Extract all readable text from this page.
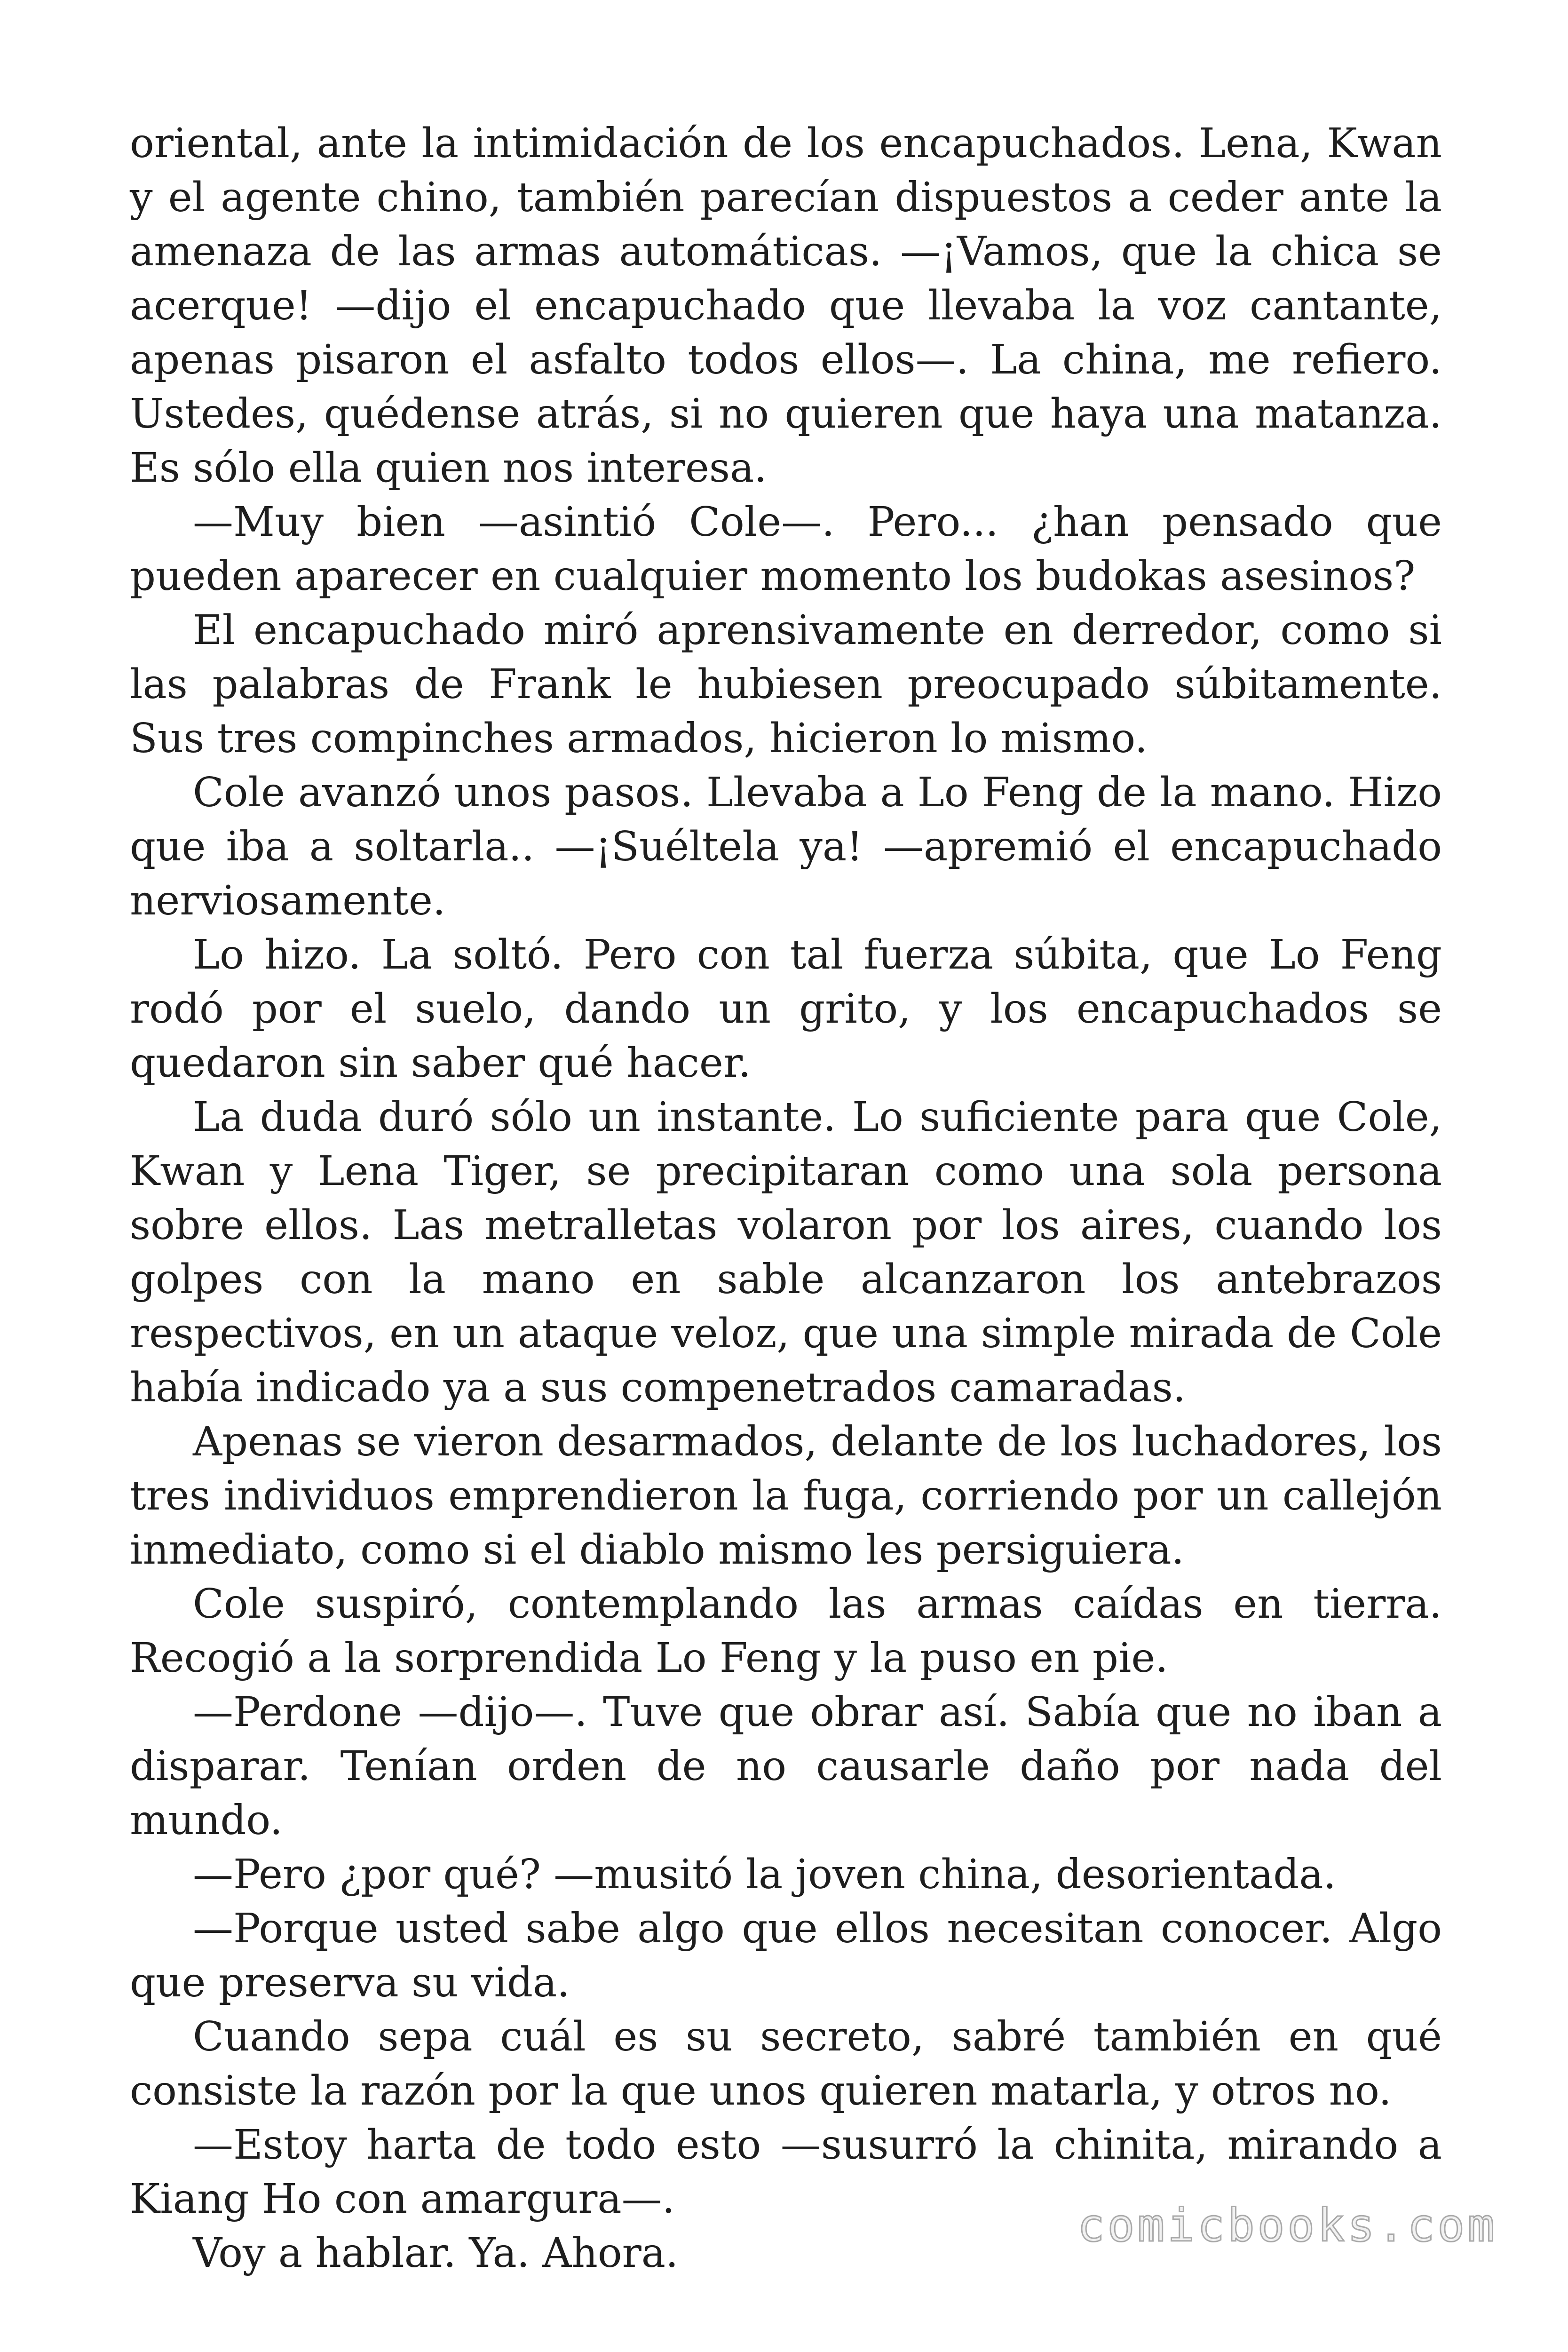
oriental, ante la intimidación de los encapuchados. Lena, Kwan y el agente chino, también parecían dispuestos a ceder ante la amenaza de las armas automáticas. —¡Vamos, que la chica se acerque! —dijo el encapuchado que llevaba la voz cantante, apenas pisaron el asfalto todos ellos—. La china, me refiero. Ustedes, quédense atrás, si no quieren que haya una matanza. Es sólo ella quien nos interesa.

—Muy bien —asintió Cole—. Pero... ¿han pensado que pueden aparecer en cualquier momento los budokas asesinos?

El encapuchado miró aprensivamente en derredor, como si las palabras de Frank le hubiesen preocupado súbitamente. Sus tres compinches armados, hicieron lo mismo.

Cole avanzó unos pasos. Llevaba a Lo Feng de la mano. Hizo que iba a soltarla.. —¡Suéltela ya! —apremió el encapuchado nerviosamente.

Lo hizo. La soltó. Pero con tal fuerza súbita, que Lo Feng rodó por el suelo, dando un grito, y los encapuchados se quedaron sin saber qué hacer.

La duda duró sólo un instante. Lo suficiente para que Cole, Kwan y Lena Tiger, se precipitaran como una sola persona sobre ellos. Las metralletas volaron por los aires, cuando los golpes con la mano en sable alcanzaron los antebrazos respectivos, en un ataque veloz, que una simple mirada de Cole había indicado ya a sus compenetrados camaradas.

Apenas se vieron desarmados, delante de los luchadores, los tres individuos emprendieron la fuga, corriendo por un callejón inmediato, como si el diablo mismo les persiguiera.

Cole suspiró, contemplando las armas caídas en tierra. Recogió a la sorprendida Lo Feng y la puso en pie.

—Perdone —dijo—. Tuve que obrar así. Sabía que no iban a disparar. Tenían orden de no causarle daño por nada del mundo.

—Pero ¿por qué? —musitó la joven china, desorientada.

—Porque usted sabe algo que ellos necesitan conocer. Algo que preserva su vida.

Cuando sepa cuál es su secreto, sabré también en qué consiste la razón por la que unos quieren matarla, y otros no.

—Estoy harta de todo esto —susurró la chinita, mirando a Kiang Ho con amargura—.

Voy a hablar. Ya. Ahora.

comicbooks.com
